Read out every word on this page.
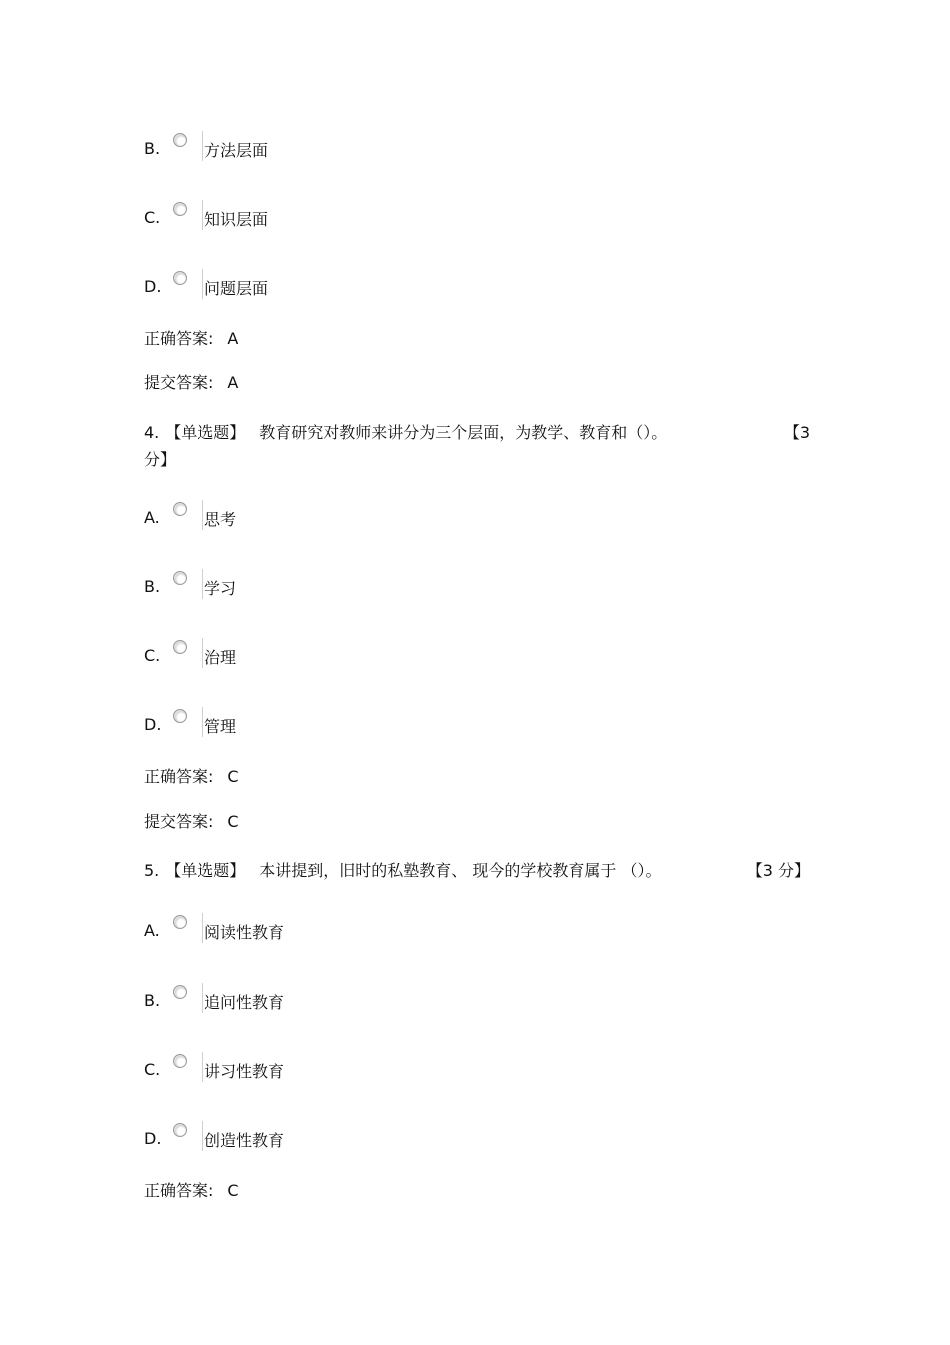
B.	方法层面
C.	知识层面
D.	问题层面
正确答案: A
提交答案: A
4. 【单选题】 教育研究对教师来讲分为三个层面，为教学、教育和（）。	【3
分】
A.	思考
B.	学习
C.	治理
D.	管理
正确答案: C
提交答案: C
5. 【单选题】 本讲提到，旧时的私塾教育、 现今的学校教育属于 （）。	【3 分】
A.	阅读性教育
B.	追问性教育
C.	讲习性教育
D.	创造性教育
正确答案: C
